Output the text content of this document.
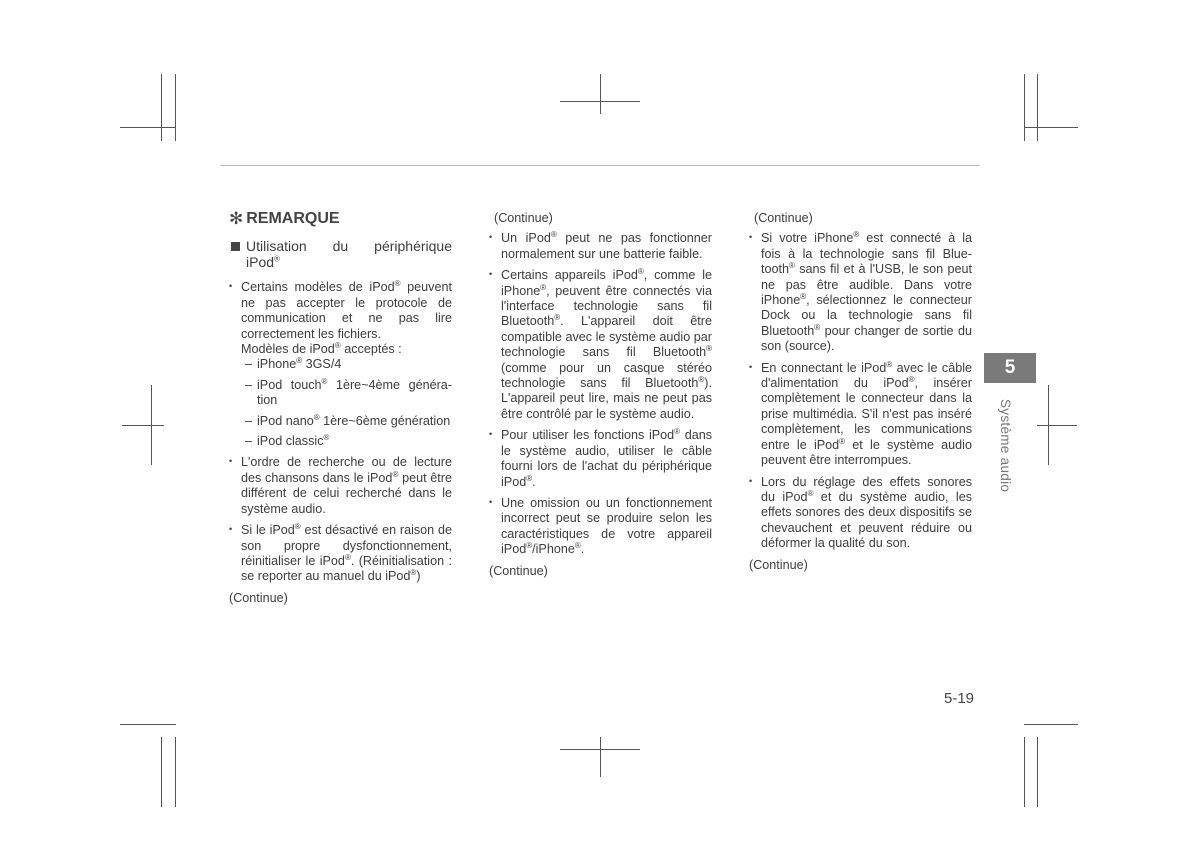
✻ REMARQUE
Utilisation du périphérique
iPod®
• Certains modèles de iPod® peuvent ne pas accepter le protocole de communication et ne pas lire correctement les fichiers.
Modèles de iPod® acceptés :
– iPhone® 3GS/4
– iPod touch® 1ère~4ème génération
– iPod nano® 1ère~6ème génération
– iPod classic®
• L'ordre de recherche ou de lecture des chansons dans le iPod® peut être différent de celui recherché dans le système audio.
• Si le iPod® est désactivé en raison de son propre dysfonctionnement, réinitialiser le iPod®. (Réinitialisation : se reporter au manuel du iPod®)

(Continue)

(Continue)

• Un iPod® peut ne pas fonctionner normalement sur une batterie faible.
• Certains appareils iPod®, comme le iPhone®, peuvent être connectés via l'interface technologie sans fil Bluetooth®. L'appareil doit être compatible avec le système audio par technologie sans fil Bluetooth® (comme pour un casque stéréo technologie sans fil Bluetooth®). L'appareil peut lire, mais ne peut pas être contrôlé par le système audio.
• Pour utiliser les fonctions iPod® dans le système audio, utiliser le câble fourni lors de l'achat du périphérique iPod®.
• Une omission ou un fonctionnement incorrect peut se produire selon les caractéristiques de votre appareil iPod®/iPhone®.

(Continue)

(Continue)

• Si votre iPhone® est connecté à la fois à la technologie sans fil Bluetooth® sans fil et à l'USB, le son peut ne pas être audible. Dans votre iPhone®, sélectionnez le connecteur Dock ou la technologie sans fil Bluetooth® pour changer de sortie du son (source).
• En connectant le iPod® avec le câble d'alimentation du iPod®, insérer complètement le connecteur dans la prise multimédia. S'il n'est pas inséré complètement, les communications entre le iPod® et le système audio peuvent être interrompues.
• Lors du réglage des effets sonores du iPod® et du système audio, les effets sonores des deux dispositifs se chevauchent et peuvent réduire ou déformer la qualité du son.

(Continue)

5
Système audio
5-19
